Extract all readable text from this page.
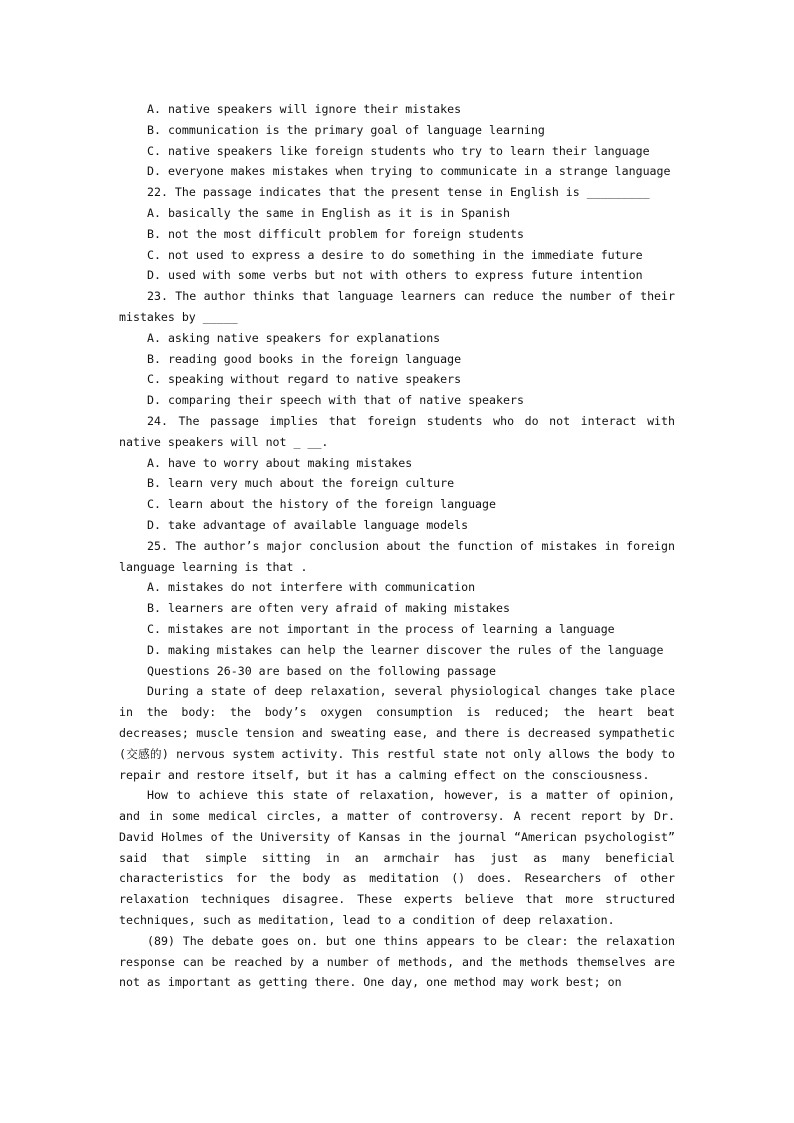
A. native speakers will ignore their mistakes
B. communication is the primary goal of language learning
C. native speakers like foreign students who try to learn their language
D. everyone makes mistakes when trying to communicate in a strange language
22. The passage indicates that the present tense in English is _________
A. basically the same in English as it is in Spanish
B. not the most difficult problem for foreign students
C. not used to express a desire to do something in the immediate future
D. used with some verbs but not with others to express future intention
23. The author thinks that language learners can reduce the number of their mistakes by _____
A. asking native speakers for explanations
B. reading good books in the foreign language
C. speaking without regard to native speakers
D. comparing their speech with that of native speakers
24. The passage implies that foreign students who do not interact with native speakers will not _ __.
A. have to worry about making mistakes
B. learn very much about the foreign culture
C. learn about the history of the foreign language
D. take advantage of available language models
25. The author’s major conclusion about the function of mistakes in foreign language learning is that .
A. mistakes do not interfere with communication
B. learners are often very afraid of making mistakes
C. mistakes are not important in the process of learning a language
D. making mistakes can help the learner discover the rules of the language
Questions 26-30 are based on the following passage
During a state of deep relaxation, several physiological changes take place in the body: the body’s oxygen consumption is reduced; the heart beat decreases; muscle tension and sweating ease, and there is decreased sympathetic (交感的) nervous system activity. This restful state not only allows the body to repair and restore itself, but it has a calming effect on the consciousness.
How to achieve this state of relaxation, however, is a matter of opinion, and in some medical circles, a matter of controversy. A recent report by Dr. David Holmes of the University of Kansas in the journal “American psychologist” said that simple sitting in an armchair has just as many beneficial characteristics for the body as meditation () does. Researchers of other relaxation techniques disagree. These experts believe that more structured techniques, such as meditation, lead to a condition of deep relaxation.
(89) The debate goes on. but one thins appears to be clear: the relaxation response can be reached by a number of methods, and the methods themselves are not as important as getting there. One day, one method may work best; on
